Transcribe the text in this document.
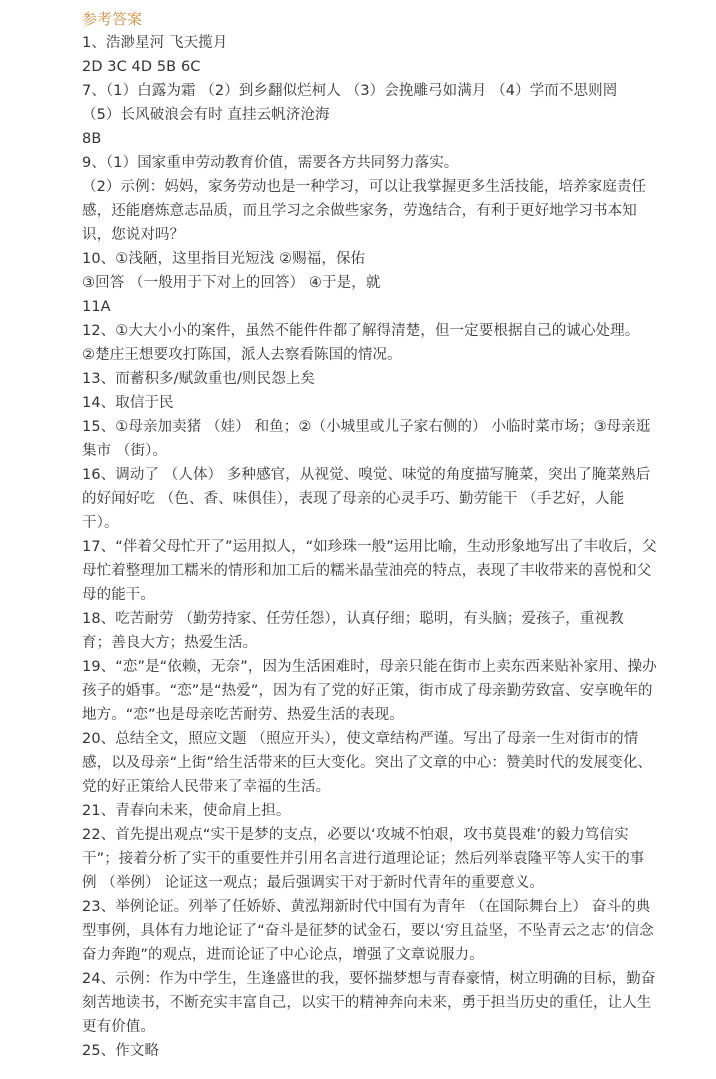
参考答案
1、浩渺星河 飞天揽月
2D 3C 4D 5B 6C
7、（1）白露为霜 （2）到乡翻似烂柯人 （3）会挽雕弓如满月 （4）学而不思则罔
（5）长风破浪会有时 直挂云帆济沧海
8B
9、（1）国家重申劳动教育价值，需要各方共同努力落实。
（2）示例：妈妈，家务劳动也是一种学习，可以让我掌握更多生活技能，培养家庭责任
感，还能磨炼意志品质，而且学习之余做些家务，劳逸结合，有利于更好地学习书本知
识，您说对吗？
10、①浅陋，这里指目光短浅 ②赐福，保佑
③回答 （一般用于下对上的回答） ④于是，就
11A
12、①大大小小的案件，虽然不能件件都了解得清楚，但一定要根据自己的诚心处理。
②楚庄王想要攻打陈国，派人去察看陈国的情况。
13、而蓄积多/赋敛重也/则民怨上矣
14、取信于民
15、①母亲加卖猪 （娃） 和鱼；②（小城里或儿子家右侧的） 小临时菜市场；③母亲逛
集市 （街）。
16、调动了 （人体） 多种感官，从视觉、嗅觉、味觉的角度描写腌菜，突出了腌菜熟后
的好闻好吃 （色、香、味俱佳），表现了母亲的心灵手巧、勤劳能干 （手艺好，人能
干）。
17、“伴着父母忙开了”运用拟人，“如珍珠一般”运用比喻，生动形象地写出了丰收后，父
母忙着整理加工糯米的情形和加工后的糯米晶莹油亮的特点，表现了丰收带来的喜悦和父
母的能干。
18、吃苦耐劳 （勤劳持家、任劳任怨），认真仔细；聪明，有头脑；爱孩子，重视教
育；善良大方；热爱生活。
19、“恋”是“依赖，无奈”，因为生活困难时，母亲只能在街市上卖东西来贴补家用、操办
孩子的婚事。“恋”是“热爱”，因为有了党的好正策，街市成了母亲勤劳致富、安享晚年的
地方。“恋”也是母亲吃苦耐劳、热爱生活的表现。
20、总结全文，照应文题 （照应开头），使文章结构严谨。写出了母亲一生对街市的情
感，以及母亲“上街”给生活带来的巨大变化。突出了文章的中心：赞美时代的发展变化、
党的好正策给人民带来了幸福的生活。
21、青春向未来，使命肩上担。
22、首先提出观点“实干是梦的支点，必要以‘攻城不怕艰，攻书莫畏难’的毅力笃信实
干”；接着分析了实干的重要性并引用名言进行道理论证；然后列举袁隆平等人实干的事
例 （举例） 论证这一观点；最后强调实干对于新时代青年的重要意义。
23、举例论证。列举了任娇娇、黄泓翔新时代中国有为青年 （在国际舞台上） 奋斗的典
型事例，具体有力地论证了“奋斗是征梦的试金石，要以‘穷且益坚，不坠青云之志’的信念
奋力奔跑”的观点，进而论证了中心论点，增强了文章说服力。
24、示例：作为中学生，生逢盛世的我，要怀揣梦想与青春豪情，树立明确的目标，勤奋
刻苦地读书，不断充实丰富自己，以实干的精神奔向未来，勇于担当历史的重任，让人生
更有价值。
25、作文略
